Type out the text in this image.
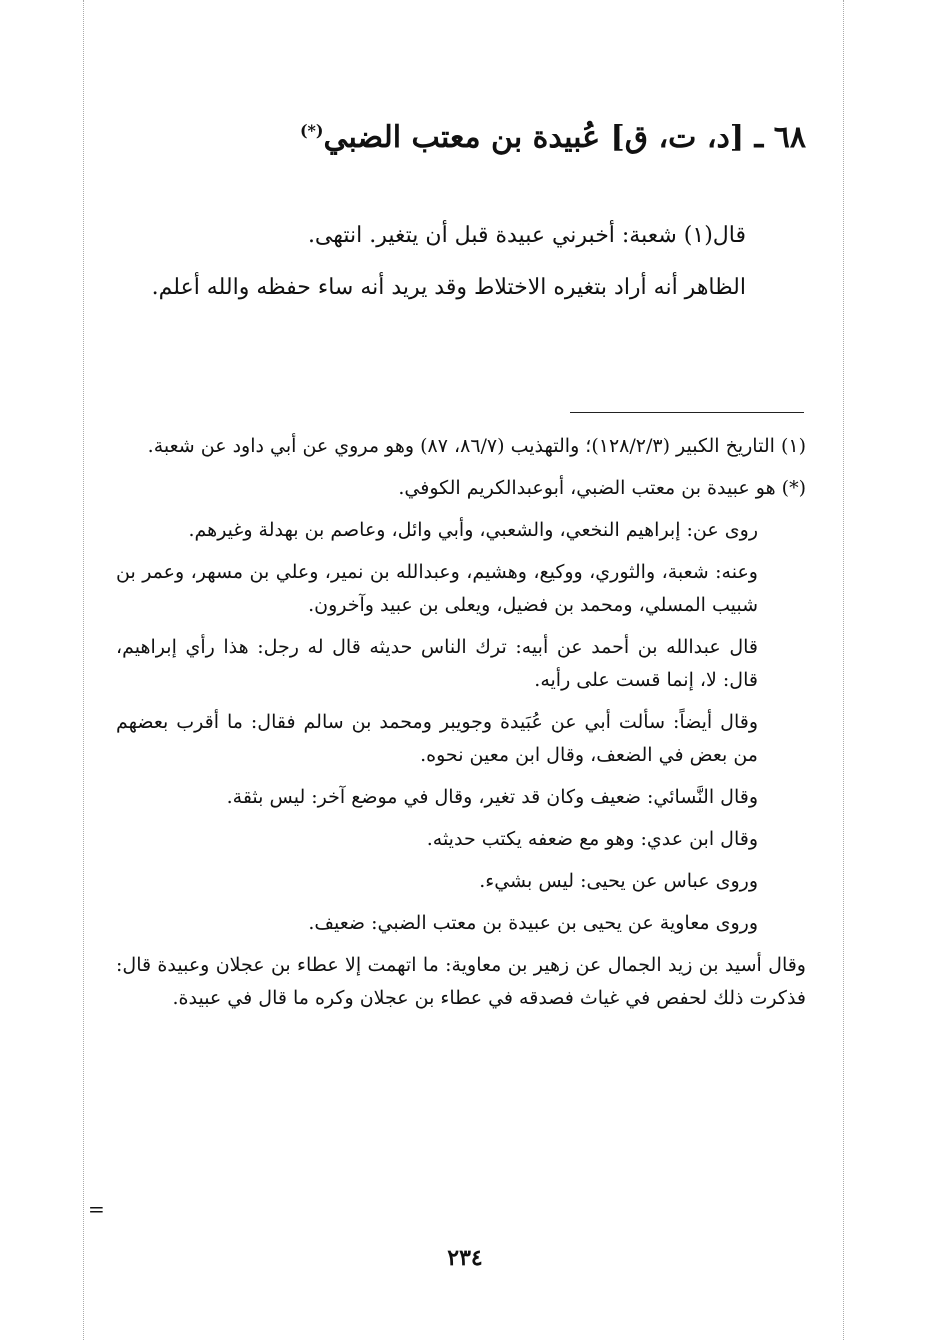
٦٨ ـ [د، ت، ق] عُبيدة بن معتب الضبي(*)

قال(١) شعبة: أخبرني عبيدة قبل أن يتغير. انتهى.

الظاهر أنه أراد بتغيره الاختلاط وقد يريد أنه ساء حفظه والله أعلم.

(١) التاريخ الكبير (١٢٨/٢/٣)؛ والتهذيب (٨٦/٧، ٨٧) وهو مروي عن أبي داود عن شعبة.

(*) هو عبيدة بن معتب الضبي، أبوعبدالكريم الكوفي.

روى عن: إبراهيم النخعي، والشعبي، وأبي وائل، وعاصم بن بهدلة وغيرهم.

وعنه: شعبة، والثوري، ووكيع، وهشيم، وعبدالله بن نمير، وعلي بن مسهر، وعمر بن شبيب المسلي، ومحمد بن فضيل، ويعلى بن عبيد وآخرون.

قال عبدالله بن أحمد عن أبيه: ترك الناس حديثه قال له رجل: هذا رأي إبراهيم، قال: لا، إنما قست على رأيه.

وقال أيضاً: سألت أبي عن عُبَيدة وجويبر ومحمد بن سالم فقال: ما أقرب بعضهم من بعض في الضعف، وقال ابن معين نحوه.

وقال النَّسائي: ضعيف وكان قد تغير، وقال في موضع آخر: ليس بثقة.

وقال ابن عدي: وهو مع ضعفه يكتب حديثه.

وروى عباس عن يحيى: ليس بشيء.

وروى معاوية عن يحيى بن عبيدة بن معتب الضبي: ضعيف.

وقال أسيد بن زيد الجمال عن زهير بن معاوية: ما اتهمت إلا عطاء بن عجلان وعبيدة قال: فذكرت ذلك لحفص في غياث فصدقه في عطاء بن عجلان وكره ما قال في عبيدة.

=
٢٣٤
